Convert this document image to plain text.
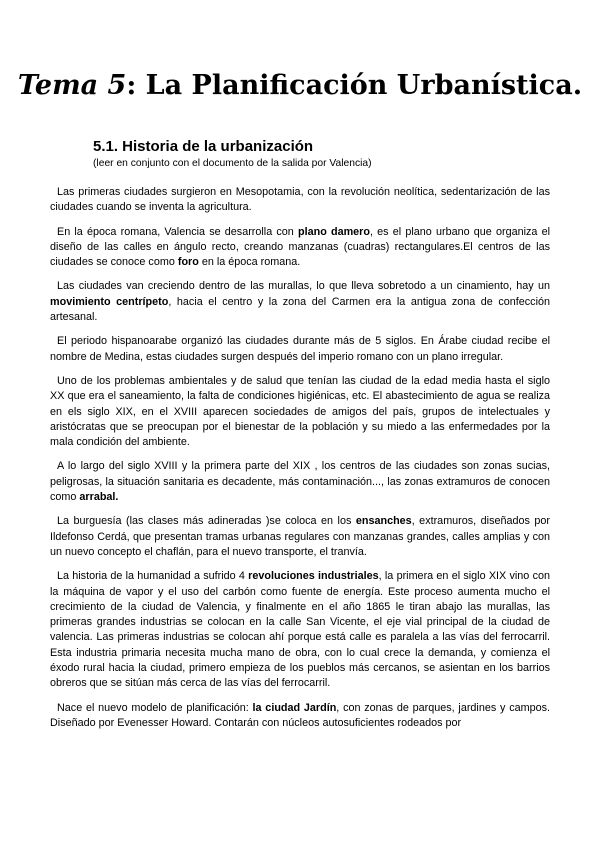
Tema 5: La Planificación Urbanística.
5.1. Historia de la urbanización
(leer en conjunto con el documento de la salida por Valencia)

Las primeras ciudades surgieron en Mesopotamia, con la revolución neolítica, sedentarización de las ciudades cuando se inventa la agricultura.

En la época romana, Valencia se desarrolla con plano damero, es el plano urbano que organiza el diseño de las calles en ángulo recto, creando manzanas (cuadras) rectangulares.El centros de las ciudades se conoce como foro en la época romana.

Las ciudades van creciendo dentro de las murallas, lo que lleva sobretodo a un cinamiento, hay un movimiento centrípeto, hacia el centro y la zona del Carmen era la antigua zona de confección artesanal.

El periodo hispanoarabe organizó las ciudades durante más de 5 siglos. En Árabe ciudad recibe el nombre de Medina, estas ciudades surgen después del imperio romano con un plano irregular.

Uno de los problemas ambientales y de salud que tenían las ciudad de la edad media hasta el siglo XX que era el saneamiento, la falta de condiciones higiénicas, etc. El abastecimiento de agua se realiza en els siglo XIX, en el XVIII aparecen sociedades de amigos del país, grupos de intelectuales y aristócratas que se preocupan por el bienestar de la población y su miedo a las enfermedades por la mala condición del ambiente.

A lo largo del siglo XVIII y la primera parte del XIX , los centros de las ciudades son zonas sucias, peligrosas, la situación sanitaria es decadente, más contaminación..., las zonas extramuros de conocen como arrabal.

La burguesía (las clases más adineradas )se coloca en los ensanches, extramuros, diseñados por Ildefonso Cerdá, que presentan tramas urbanas regulares con manzanas grandes, calles amplias y con un nuevo concepto el chaflán, para el nuevo transporte, el tranvía.

La historia de la humanidad a sufrido 4 revoluciones industriales, la primera en el siglo XIX vino con la máquina de vapor y el uso del carbón como fuente de energía. Este proceso aumenta mucho el crecimiento de la ciudad de Valencia, y finalmente en el año 1865 le tiran abajo las murallas, las primeras grandes industrias se colocan en la calle San Vicente, el eje vial principal de la ciudad de valencia. Las primeras industrias se colocan ahí porque está calle es paralela a las vías del ferrocarril. Esta industria primaria necesita mucha mano de obra, con lo cual crece la demanda, y comienza el éxodo rural hacia la ciudad, primero empieza de los pueblos más cercanos, se asientan en los barrios obreros que se sitúan más cerca de las vías del ferrocarril.

Nace el nuevo modelo de planificación: la ciudad Jardín, con zonas de parques, jardines y campos. Diseñado por Evenesser Howard. Contarán con núcleos autosuficientes rodeados por
